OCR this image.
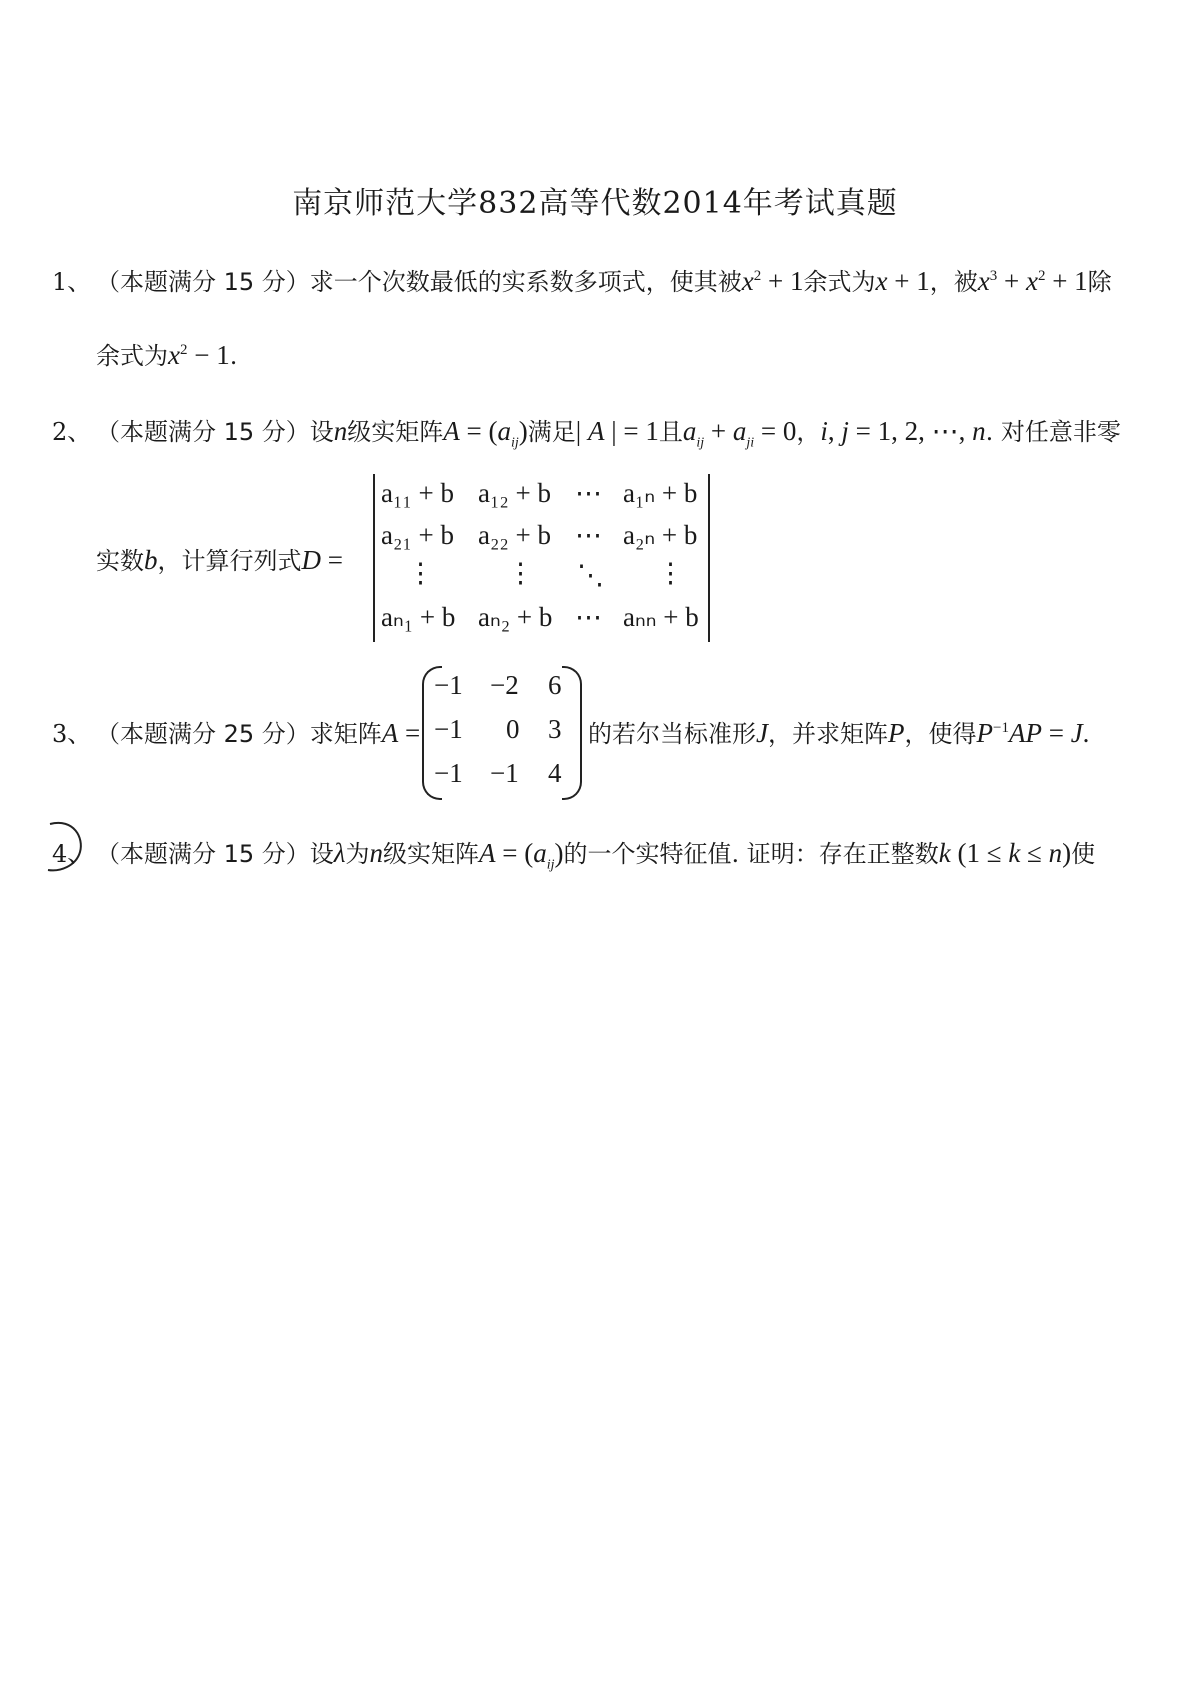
南京师范大学832高等代数2014年考试真题
1、 （本题满分 15 分）求一个次数最低的实系数多项式，使其被$x^2 + 1$余式为x + 1，被$x^3 + x^2 + 1$除
余式为$x^2 - 1$.
2、 （本题满分 15 分）设n级实矩阵$A = (a_{ij})$满足| A | = 1且$a_{ij} + a_{ji} = 0$，i, j = 1, 2, ⋯, n. 对任意非零
实数b，计算行列式D =
a₁₁ + b a₁₂ + b ⋯ a₁ₙ + b
a₂₁ + b a₂₂ + b ⋯ a₂ₙ + b
⋮	⋮ ⋱ ⋮
aₙ₁ + b aₙ₂ + b ⋯ aₙₙ + b
3、 （本题满分 25 分）求矩阵A =
−1 −2 6
−1 0 3
−1 −1 4
的若尔当标准形J，并求矩阵P，使得$P^{-1}AP = J$.
4、 （本题满分 15 分）设λ为n级实矩阵$A = (a_{ij})$的一个实特征值. 证明：存在正整数k (1 ≤ k ≤ n)使
